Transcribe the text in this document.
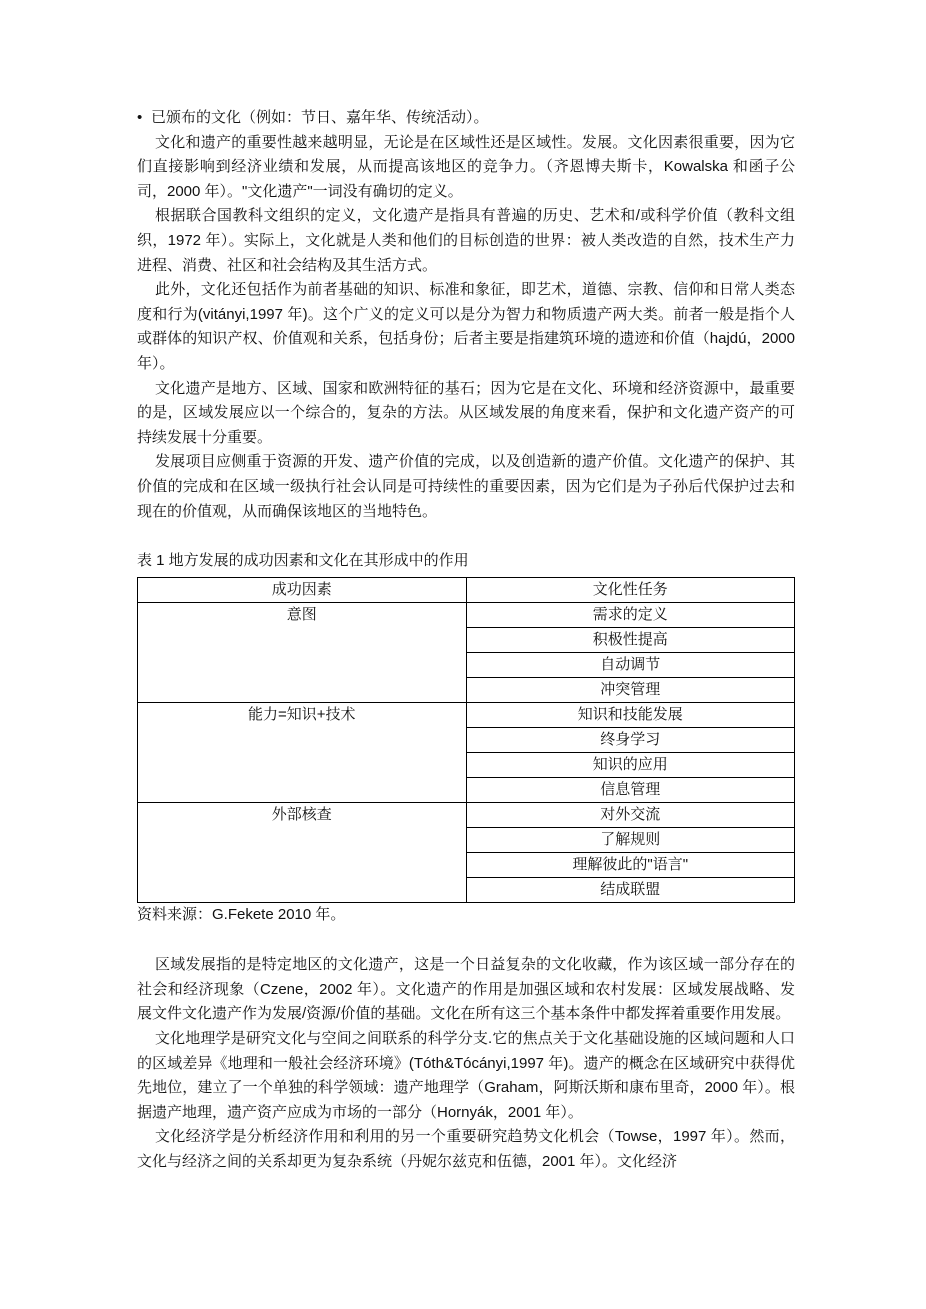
• 已颁布的文化（例如：节日、嘉年华、传统活动）。

文化和遗产的重要性越来越明显，无论是在区域性还是区域性。发展。文化因素很重要，因为它们直接影响到经济业绩和发展，从而提高该地区的竞争力。（齐恩博夫斯卡，Kowalska 和函子公司，2000 年）。"文化遗产"一词没有确切的定义。

根据联合国教科文组织的定义，文化遗产是指具有普遍的历史、艺术和/或科学价值（教科文组织，1972 年）。实际上，文化就是人类和他们的目标创造的世界：被人类改造的自然，技术生产力进程、消费、社区和社会结构及其生活方式。

此外，文化还包括作为前者基础的知识、标准和象征，即艺术，道德、宗教、信仰和日常人类态度和行为(vitányi,1997 年)。这个广义的定义可以是分为智力和物质遗产两大类。前者一般是指个人或群体的知识产权、价值观和关系，包括身份；后者主要是指建筑环境的遗迹和价值（hajdú，2000 年）。

文化遗产是地方、区域、国家和欧洲特征的基石；因为它是在文化、环境和经济资源中，最重要的是，区域发展应以一个综合的，复杂的方法。从区域发展的角度来看，保护和文化遗产资产的可持续发展十分重要。

发展项目应侧重于资源的开发、遗产价值的完成，以及创造新的遗产价值。文化遗产的保护、其价值的完成和在区域一级执行社会认同是可持续性的重要因素，因为它们是为子孙后代保护过去和现在的价值观，从而确保该地区的当地特色。

表 1 地方发展的成功因素和文化在其形成中的作用

成功因素	文化性任务
意图	需求的定义
	积极性提高
	自动调节
	冲突管理
能力=知识+技术	知识和技能发展
	终身学习
	知识的应用
	信息管理
外部核查	对外交流
	了解规则
	理解彼此的"语言"
	结成联盟

资料来源：G.Fekete 2010 年。

区域发展指的是特定地区的文化遗产，这是一个日益复杂的文化收藏，作为该区域一部分存在的社会和经济现象（Czene，2002 年）。文化遗产的作用是加强区域和农村发展：区域发展战略、发展文件文化遗产作为发展/资源/价值的基础。文化在所有这三个基本条件中都发挥着重要作用发展。

文化地理学是研究文化与空间之间联系的科学分支.它的焦点关于文化基础设施的区域问题和人口的区域差异《地理和一般社会经济环境》(Tóth&Tócányi,1997 年)。遗产的概念在区域研究中获得优先地位，建立了一个单独的科学领域：遗产地理学（Graham，阿斯沃斯和康布里奇，2000 年）。根据遗产地理，遗产资产应成为市场的一部分（Hornyák，2001 年）。

文化经济学是分析经济作用和利用的另一个重要研究趋势文化机会（Towse，1997 年）。然而，文化与经济之间的关系却更为复杂系统（丹妮尔兹克和伍德，2001 年）。文化经济
